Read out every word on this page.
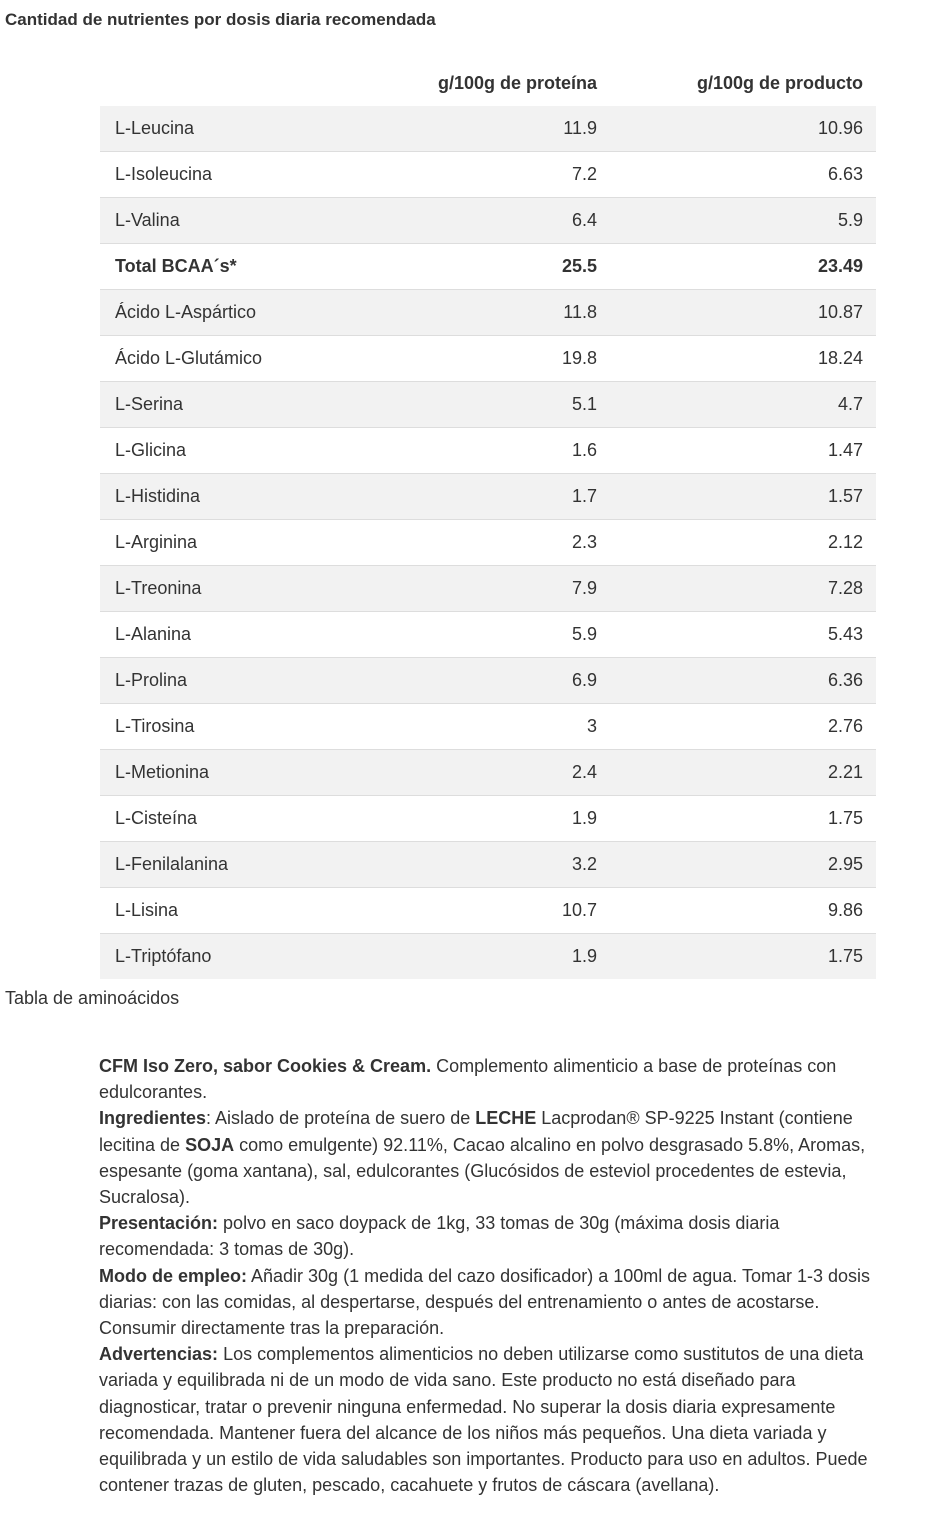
Cantidad de nutrientes por dosis diaria recomendada
	g/100g de proteína	g/100g de producto
L-Leucina	11.9	10.96
L-Isoleucina	7.2	6.63
L-Valina	6.4	5.9
Total BCAA´s*	25.5	23.49
Ácido L-Aspártico	11.8	10.87
Ácido L-Glutámico	19.8	18.24
L-Serina	5.1	4.7
L-Glicina	1.6	1.47
L-Histidina	1.7	1.57
L-Arginina	2.3	2.12
L-Treonina	7.9	7.28
L-Alanina	5.9	5.43
L-Prolina	6.9	6.36
L-Tirosina	3	2.76
L-Metionina	2.4	2.21
L-Cisteína	1.9	1.75
L-Fenilalanina	3.2	2.95
L-Lisina	10.7	9.86
L-Triptófano	1.9	1.75
Tabla de aminoácidos

CFM Iso Zero, sabor Cookies & Cream. Complemento alimenticio a base de proteínas con edulcorantes.

Ingredientes: Aislado de proteína de suero de LECHE Lacprodan® SP-9225 Instant (contiene lecitina de SOJA como emulgente) 92.11%, Cacao alcalino en polvo desgrasado 5.8%, Aromas, espesante (goma xantana), sal, edulcorantes (Glucósidos de esteviol procedentes de estevia, Sucralosa).

Presentación: polvo en saco doypack de 1kg, 33 tomas de 30g (máxima dosis diaria recomendada: 3 tomas de 30g).

Modo de empleo: Añadir 30g (1 medida del cazo dosificador) a 100ml de agua. Tomar 1-3 dosis diarias: con las comidas, al despertarse, después del entrenamiento o antes de acostarse. Consumir directamente tras la preparación.

Advertencias: Los complementos alimenticios no deben utilizarse como sustitutos de una dieta variada y equilibrada ni de un modo de vida sano. Este producto no está diseñado para diagnosticar, tratar o prevenir ninguna enfermedad. No superar la dosis diaria expresamente recomendada. Mantener fuera del alcance de los niños más pequeños. Una dieta variada y equilibrada y un estilo de vida saludables son importantes. Producto para uso en adultos. Puede contener trazas de gluten, pescado, cacahuete y frutos de cáscara (avellana).
